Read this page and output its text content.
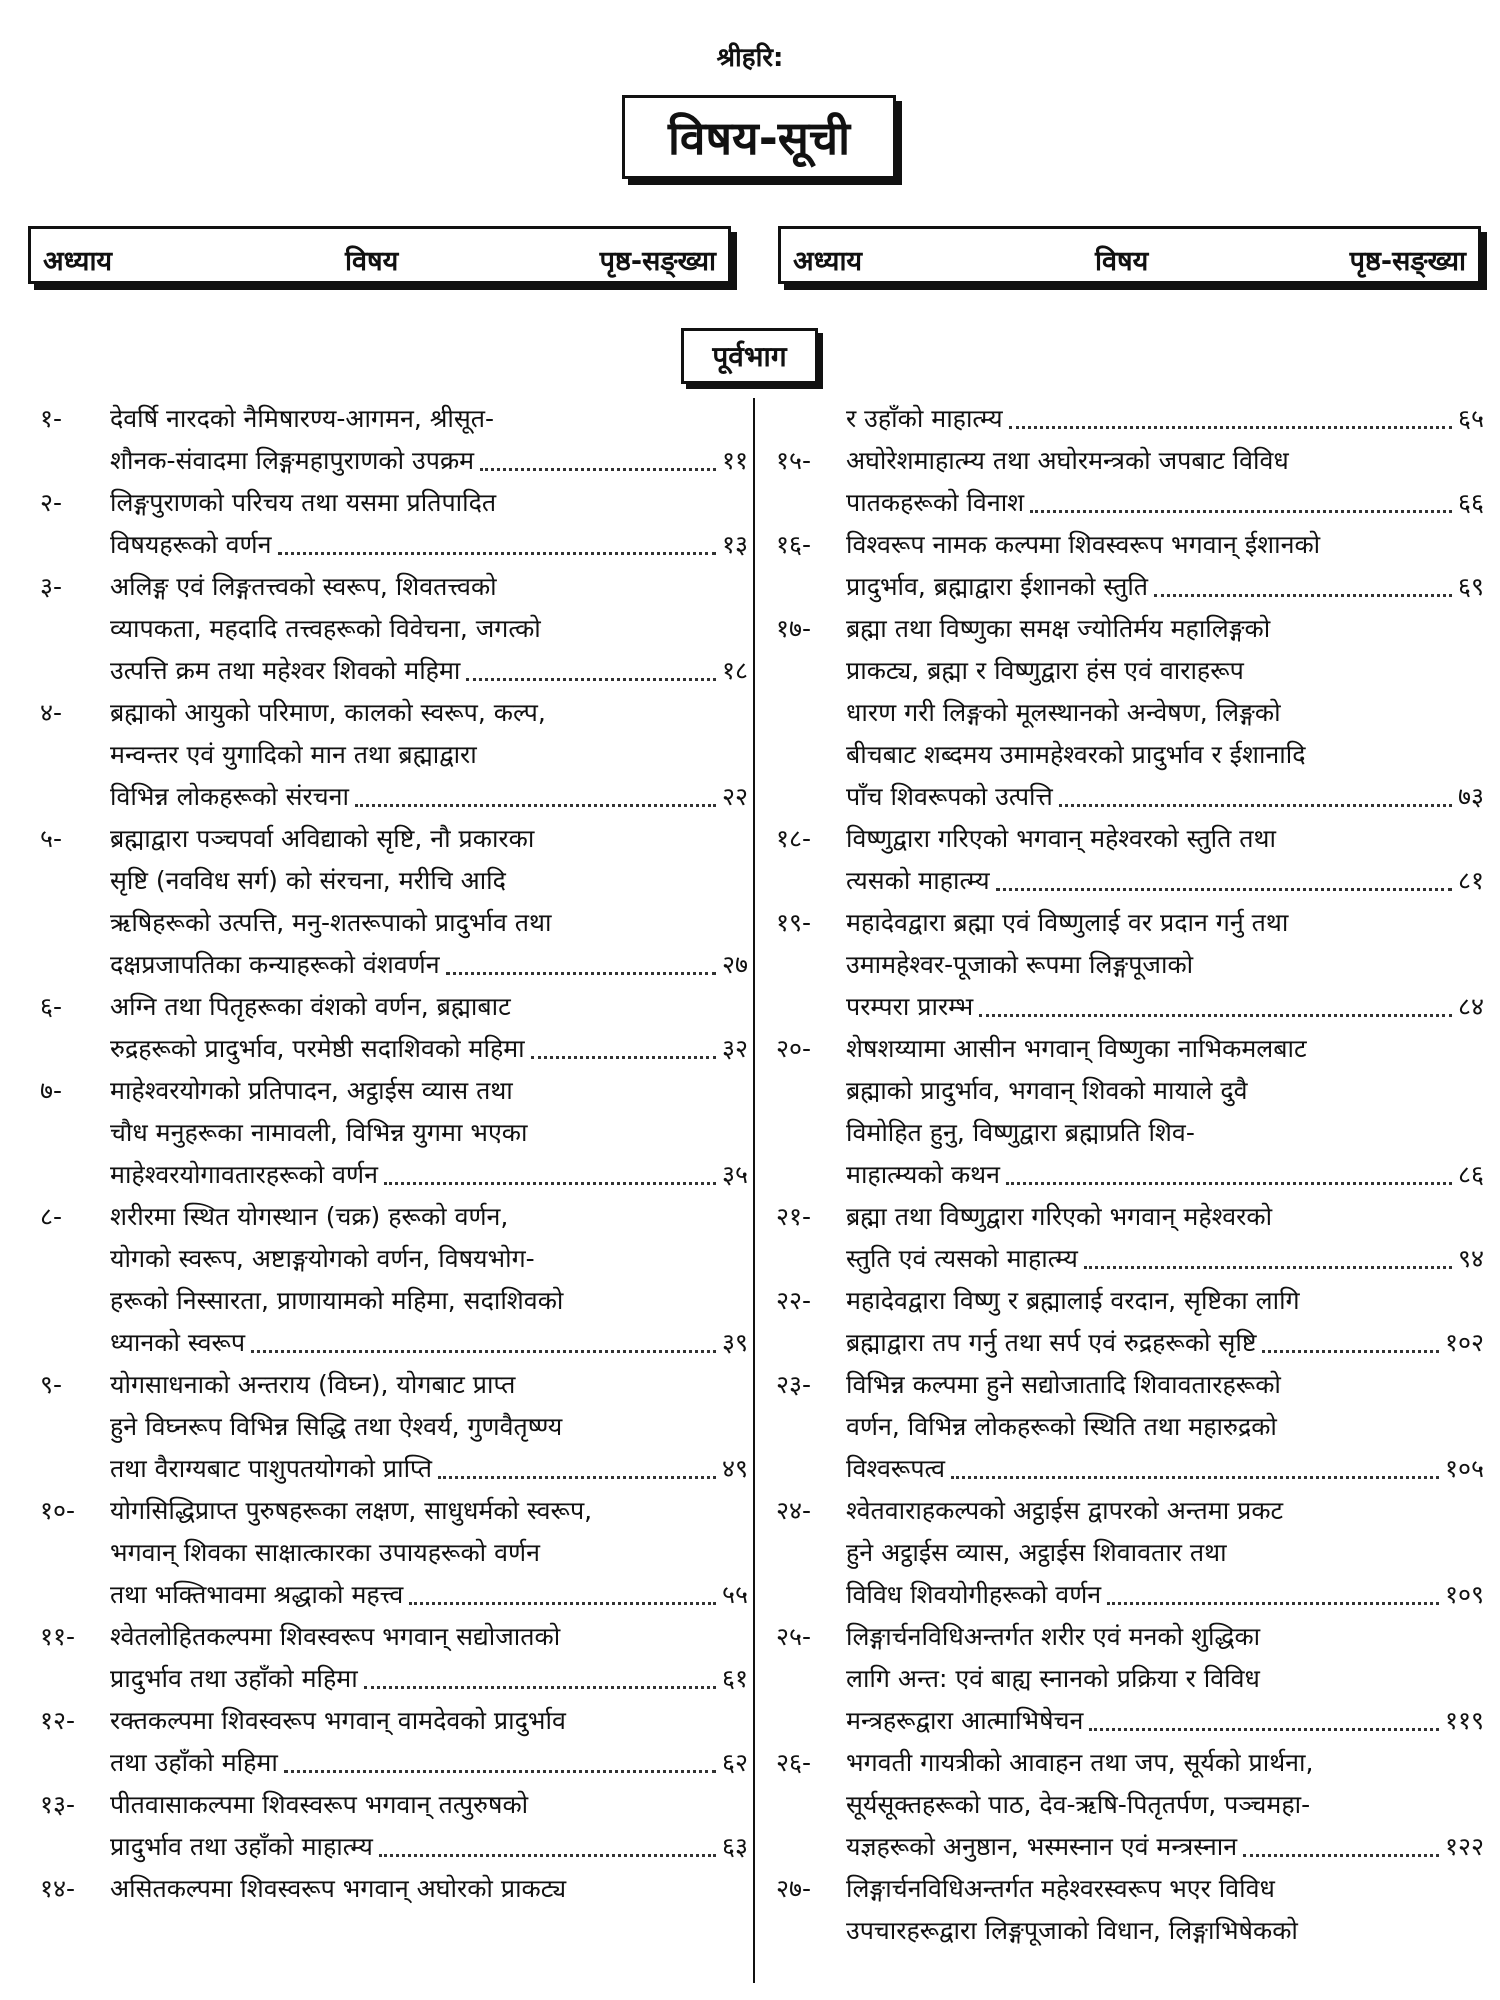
श्रीहरि:
विषय-सूची
अध्याय	विषय	पृष्ठ-सङ्ख्या	अध्याय	विषय	पृष्ठ-सङ्ख्या
पूर्वभाग
१- देवर्षि नारदको नैमिषारण्य-आगमन, श्रीसूत-
शौनक-संवादमा लिङ्गमहापुराणको उपक्रम	११
२- लिङ्गपुराणको परिचय तथा यसमा प्रतिपादित
विषयहरूको वर्णन	१३
३- अलिङ्ग एवं लिङ्गतत्त्वको स्वरूप, शिवतत्त्वको
व्यापकता, महदादि तत्त्वहरूको विवेचना, जगत्को
उत्पत्ति क्रम तथा महेश्वर शिवको महिमा	१८
४- ब्रह्माको आयुको परिमाण, कालको स्वरूप, कल्प,
मन्वन्तर एवं युगादिको मान तथा ब्रह्माद्वारा
विभिन्न लोकहरूको संरचना	२२
५- ब्रह्माद्वारा पञ्चपर्वा अविद्याको सृष्टि, नौ प्रकारका
सृष्टि (नवविध सर्ग) को संरचना, मरीचि आदि
ऋषिहरूको उत्पत्ति, मनु-शतरूपाको प्रादुर्भाव तथा
दक्षप्रजापतिका कन्याहरूको वंशवर्णन	२७
६- अग्नि तथा पितृहरूका वंशको वर्णन, ब्रह्माबाट
रुद्रहरूको प्रादुर्भाव, परमेष्ठी सदाशिवको महिमा	३२
७- माहेश्वरयोगको प्रतिपादन, अट्ठाईस व्यास तथा
चौध मनुहरूका नामावली, विभिन्न युगमा भएका
माहेश्वरयोगावतारहरूको वर्णन	३५
८- शरीरमा स्थित योगस्थान (चक्र) हरूको वर्णन,
योगको स्वरूप, अष्टाङ्गयोगको वर्णन, विषयभोग-
हरूको निस्सारता, प्राणायामको महिमा, सदाशिवको
ध्यानको स्वरूप	३९
९- योगसाधनाको अन्तराय (विघ्न), योगबाट प्राप्त
हुने विघ्नरूप विभिन्न सिद्धि तथा ऐश्वर्य, गुणवैतृष्ण्य
तथा वैराग्यबाट पाशुपतयोगको प्राप्ति	४९
१०- योगसिद्धिप्राप्त पुरुषहरूका लक्षण, साधुधर्मको स्वरूप,
भगवान् शिवका साक्षात्कारका उपायहरूको वर्णन
तथा भक्तिभावमा श्रद्धाको महत्त्व	५५
११- श्वेतलोहितकल्पमा शिवस्वरूप भगवान् सद्योजातको
प्रादुर्भाव तथा उहाँको महिमा	६१
१२- रक्तकल्पमा शिवस्वरूप भगवान् वामदेवको प्रादुर्भाव
तथा उहाँको महिमा	६२
१३- पीतवासाकल्पमा शिवस्वरूप भगवान् तत्पुरुषको
प्रादुर्भाव तथा उहाँको माहात्म्य	६३
१४- असितकल्पमा शिवस्वरूप भगवान् अघोरको प्राकट्य
र उहाँको माहात्म्य	६५
१५- अघोरेशमाहात्म्य तथा अघोरमन्त्रको जपबाट विविध
पातकहरूको विनाश	६६
१६- विश्वरूप नामक कल्पमा शिवस्वरूप भगवान् ईशानको
प्रादुर्भाव, ब्रह्माद्वारा ईशानको स्तुति	६९
१७- ब्रह्मा तथा विष्णुका समक्ष ज्योतिर्मय महालिङ्गको
प्राकट्य, ब्रह्मा र विष्णुद्वारा हंस एवं वाराहरूप
धारण गरी लिङ्गको मूलस्थानको अन्वेषण, लिङ्गको
बीचबाट शब्दमय उमामहेश्वरको प्रादुर्भाव र ईशानादि
पाँच शिवरूपको उत्पत्ति	७३
१८- विष्णुद्वारा गरिएको भगवान् महेश्वरको स्तुति तथा
त्यसको माहात्म्य	८१
१९- महादेवद्वारा ब्रह्मा एवं विष्णुलाई वर प्रदान गर्नु तथा
उमामहेश्वर-पूजाको रूपमा लिङ्गपूजाको
परम्परा प्रारम्भ	८४
२०- शेषशय्यामा आसीन भगवान् विष्णुका नाभिकमलबाट
ब्रह्माको प्रादुर्भाव, भगवान् शिवको मायाले दुवै
विमोहित हुनु, विष्णुद्वारा ब्रह्माप्रति शिव-
माहात्म्यको कथन	८६
२१- ब्रह्मा तथा विष्णुद्वारा गरिएको भगवान् महेश्वरको
स्तुति एवं त्यसको माहात्म्य	९४
२२- महादेवद्वारा विष्णु र ब्रह्मालाई वरदान, सृष्टिका लागि
ब्रह्माद्वारा तप गर्नु तथा सर्प एवं रुद्रहरूको सृष्टि	१०२
२३- विभिन्न कल्पमा हुने सद्योजातादि शिवावतारहरूको
वर्णन, विभिन्न लोकहरूको स्थिति तथा महारुद्रको
विश्वरूपत्व	१०५
२४- श्वेतवाराहकल्पको अट्ठाईस द्वापरको अन्तमा प्रकट
हुने अट्ठाईस व्यास, अट्ठाईस शिवावतार तथा
विविध शिवयोगीहरूको वर्णन	१०९
२५- लिङ्गार्चनविधिअन्तर्गत शरीर एवं मनको शुद्धिका
लागि अन्त: एवं बाह्य स्नानको प्रक्रिया र विविध
मन्त्रहरूद्वारा आत्माभिषेचन	११९
२६- भगवती गायत्रीको आवाहन तथा जप, सूर्यको प्रार्थना,
सूर्यसूक्तहरूको पाठ, देव-ऋषि-पितृतर्पण, पञ्चमहा-
यज्ञहरूको अनुष्ठान, भस्मस्नान एवं मन्त्रस्नान	१२२
२७- लिङ्गार्चनविधिअन्तर्गत महेश्वरस्वरूप भएर विविध
उपचारहरूद्वारा लिङ्गपूजाको विधान, लिङ्गाभिषेकको
